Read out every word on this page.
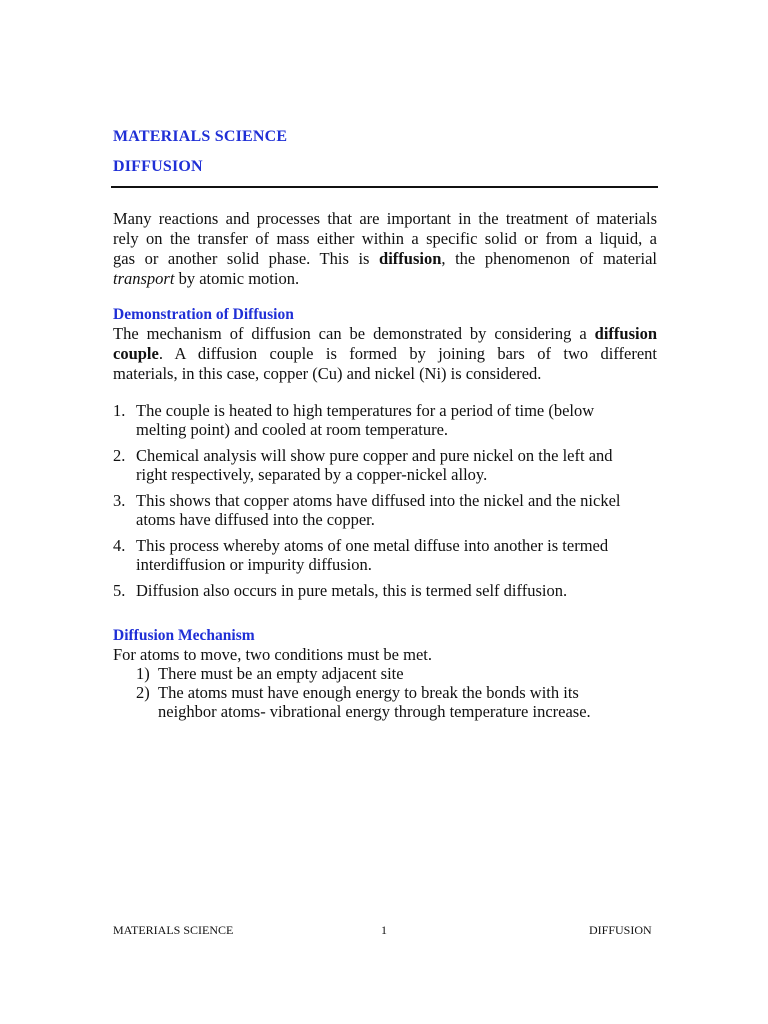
MATERIALS SCIENCE
DIFFUSION
Many reactions and processes that are important in the treatment of materials
rely on the transfer of mass either within a specific solid or from a liquid, a
gas or another solid phase. This is diffusion, the phenomenon of material
transport by atomic motion.
Demonstration of Diffusion
The mechanism of diffusion can be demonstrated by considering a diffusion
couple. A diffusion couple is formed by joining bars of two different
materials, in this case, copper (Cu) and nickel (Ni) is considered.
1. The couple is heated to high temperatures for a period of time (below
melting point) and cooled at room temperature.
2. Chemical analysis will show pure copper and pure nickel on the left and
right respectively, separated by a copper-nickel alloy.
3. This shows that copper atoms have diffused into the nickel and the nickel
atoms have diffused into the copper.
4. This process whereby atoms of one metal diffuse into another is termed
interdiffusion or impurity diffusion.
5. Diffusion also occurs in pure metals, this is termed self diffusion.
Diffusion Mechanism
For atoms to move, two conditions must be met.
1) There must be an empty adjacent site
2) The atoms must have enough energy to break the bonds with its
neighbor atoms- vibrational energy through temperature increase.
MATERIALS SCIENCE	1	DIFFUSION
